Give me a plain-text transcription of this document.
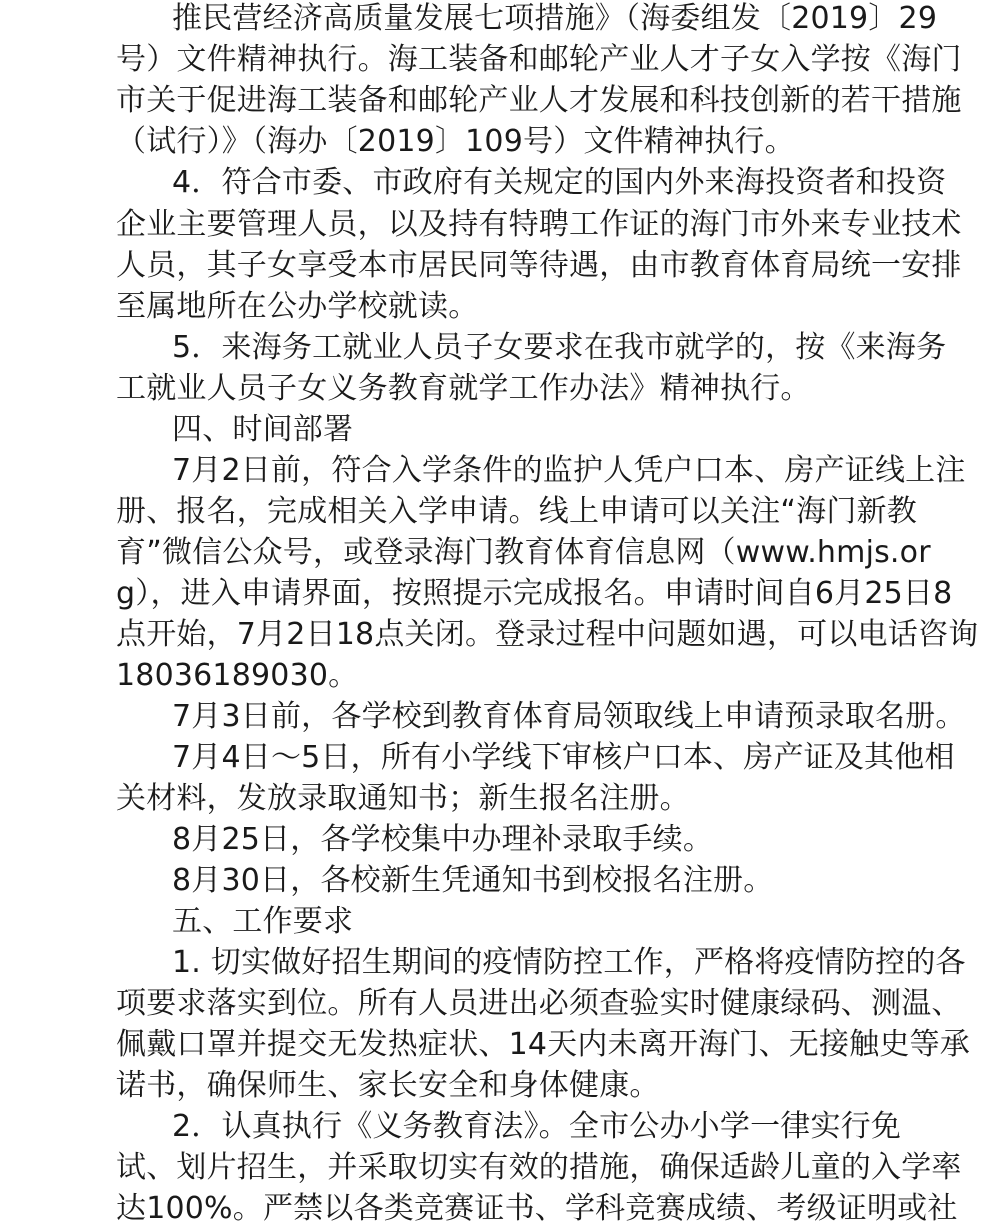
推民营经济高质量发展七项措施》（海委组发〔2019〕29
号）文件精神执行。海工装备和邮轮产业人才子女入学按《海门
市关于促进海工装备和邮轮产业人才发展和科技创新的若干措施
（试行）》（海办〔2019〕109号）文件精神执行。
4．符合市委、市政府有关规定的国内外来海投资者和投资
企业主要管理人员，以及持有特聘工作证的海门市外来专业技术
人员，其子女享受本市居民同等待遇，由市教育体育局统一安排
至属地所在公办学校就读。
5．来海务工就业人员子女要求在我市就学的，按《来海务
工就业人员子女义务教育就学工作办法》精神执行。
四、时间部署
7月2日前，符合入学条件的监护人凭户口本、房产证线上注
册、报名，完成相关入学申请。线上申请可以关注“海门新教
育”微信公众号，或登录海门教育体育信息网（www.hmjs.or
g），进入申请界面，按照提示完成报名。申请时间自6月25日8
点开始，7月2日18点关闭。登录过程中问题如遇，可以电话咨询
18036189030。
7月3日前，各学校到教育体育局领取线上申请预录取名册。
7月4日～5日，所有小学线下审核户口本、房产证及其他相
关材料，发放录取通知书；新生报名注册。
8月25日，各学校集中办理补录取手续。
8月30日，各校新生凭通知书到校报名注册。
五、工作要求
1. 切实做好招生期间的疫情防控工作，严格将疫情防控的各
项要求落实到位。所有人员进出必须查验实时健康绿码、测温、
佩戴口罩并提交无发热症状、14天内未离开海门、无接触史等承
诺书，确保师生、家长安全和身体健康。
2．认真执行《义务教育法》。全市公办小学一律实行免
试、划片招生，并采取切实有效的措施，确保适龄儿童的入学率
达100%。严禁以各类竞赛证书、学科竞赛成绩、考级证明或社
